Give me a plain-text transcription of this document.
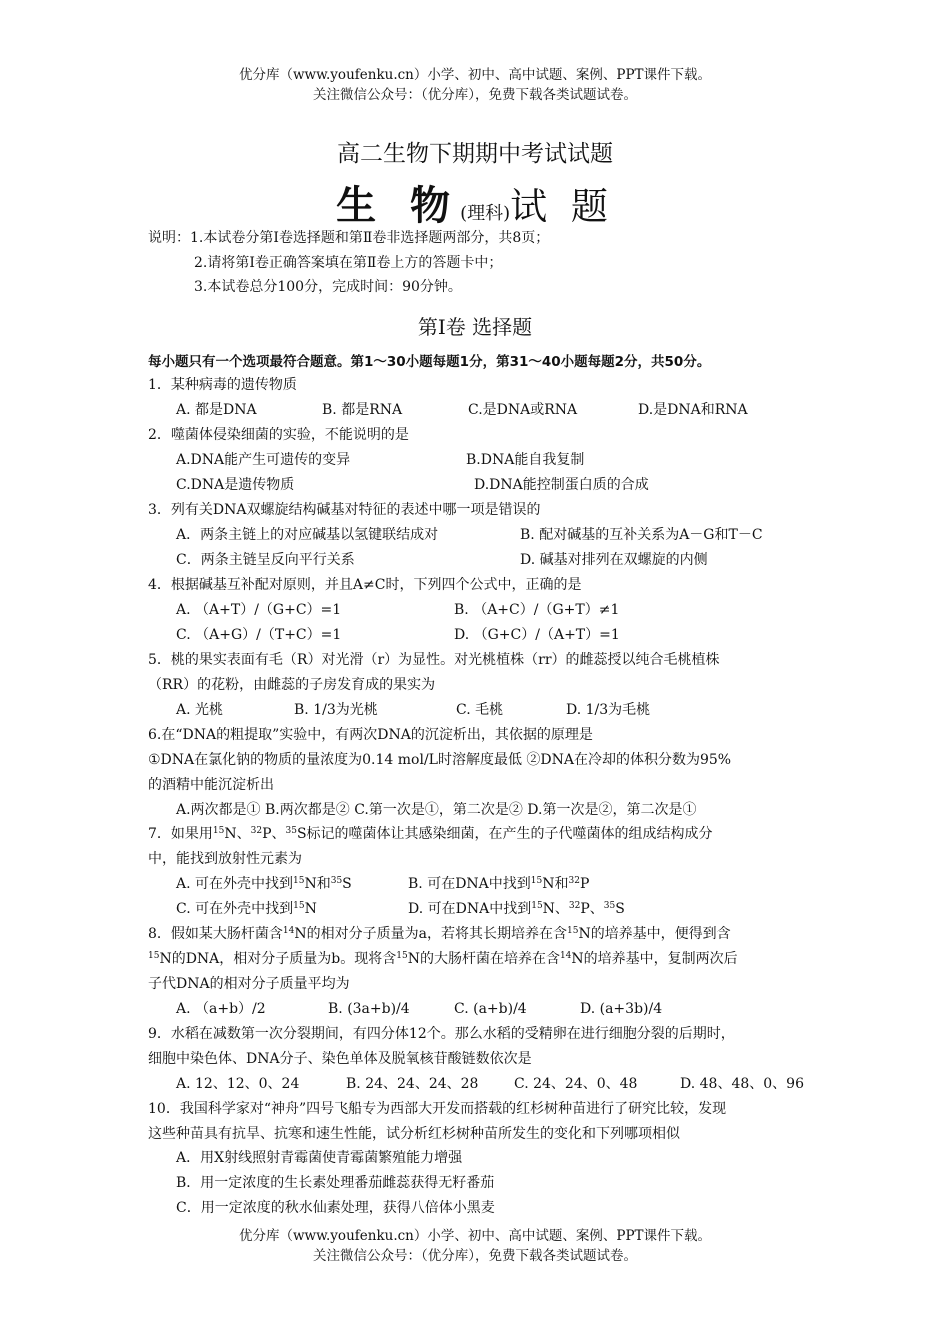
优分库（www.youfenku.cn）小学、初中、高中试题、案例、PPT课件下载。
关注微信公众号：（优分库），免费下载各类试题试卷。
高二生物下期期中考试试题
生 物(理科)试 题
说明：1.本试卷分第Ⅰ卷选择题和第Ⅱ卷非选择题两部分，共8页；
2.请将第Ⅰ卷正确答案填在第Ⅱ卷上方的答题卡中；
3.本试卷总分100分，完成时间：90分钟。
第Ⅰ卷 选择题
每小题只有一个选项最符合题意。第1～30小题每题1分，第31～40小题每题2分，共50分。
1．某种病毒的遗传物质
A. 都是DNA	B. 都是RNA	C.是DNA或RNA	D.是DNA和RNA
2．噬菌体侵染细菌的实验，不能说明的是
A.DNA能产生可遗传的变异	B.DNA能自我复制
C.DNA是遗传物质	D.DNA能控制蛋白质的合成
3．列有关DNA双螺旋结构碱基对特征的表述中哪一项是错误的
A．两条主链上的对应碱基以氢键联结成对	B. 配对碱基的互补关系为A－G和T－C
C．两条主链呈反向平行关系	D. 碱基对排列在双螺旋的内侧
4．根据碱基互补配对原则，并且A≠C时，下列四个公式中，正确的是
A. （A+T）/（G+C）=1	B. （A+C）/（G+T）≠1
C. （A+G）/（T+C）=1	D. （G+C）/（A+T）=1
5．桃的果实表面有毛（R）对光滑（r）为显性。对光桃植株（rr）的雌蕊授以纯合毛桃植株
（RR）的花粉，由雌蕊的子房发育成的果实为
A. 光桃	B. 1/3为光桃	C. 毛桃	D. 1/3为毛桃
6.在“DNA的粗提取”实验中，有两次DNA的沉淀析出，其依据的原理是
①DNA在氯化钠的物质的量浓度为0.14 mol/L时溶解度最低 ②DNA在冷却的体积分数为95%
的酒精中能沉淀析出
A.两次都是① B.两次都是② C.第一次是①，第二次是② D.第一次是②，第二次是①
7．如果用$^{15}$N、$^{32}$P、$^{35}$S标记的噬菌体让其感染细菌，在产生的子代噬菌体的组成结构成分
中，能找到放射性元素为
A. 可在外壳中找到$^{15}$N和$^{35}$S	B. 可在DNA中找到$^{15}$N和$^{32}$P
C. 可在外壳中找到$^{15}$N	D. 可在DNA中找到$^{15}$N、$^{32}$P、$^{35}$S
8．假如某大肠杆菌含$^{14}$N的相对分子质量为a，若将其长期培养在含$^{15}$N的培养基中，便得到含
$^{15}$N的DNA，相对分子质量为b。现将含$^{15}$N的大肠杆菌在培养在含$^{14}$N的培养基中，复制两次后
子代DNA的相对分子质量平均为
A. （a+b）/2	B. (3a+b)/4	C. (a+b)/4	D. (a+3b)/4
9．水稻在减数第一次分裂期间，有四分体12个。那么水稻的受精卵在进行细胞分裂的后期时，
细胞中染色体、DNA分子、染色单体及脱氧核苷酸链数依次是
A. 12、12、0、24	B. 24、24、24、28	C. 24、24、0、48	D. 48、48、0、96
10．我国科学家对“神舟”四号飞船专为西部大开发而搭载的红杉树种苗进行了研究比较，发现
这些种苗具有抗旱、抗寒和速生性能，试分析红杉树种苗所发生的变化和下列哪项相似
A．用X射线照射青霉菌使青霉菌繁殖能力增强
B．用一定浓度的生长素处理番茄雌蕊获得无籽番茄
C．用一定浓度的秋水仙素处理，获得八倍体小黑麦
优分库（www.youfenku.cn）小学、初中、高中试题、案例、PPT课件下载。
关注微信公众号：（优分库），免费下载各类试题试卷。
